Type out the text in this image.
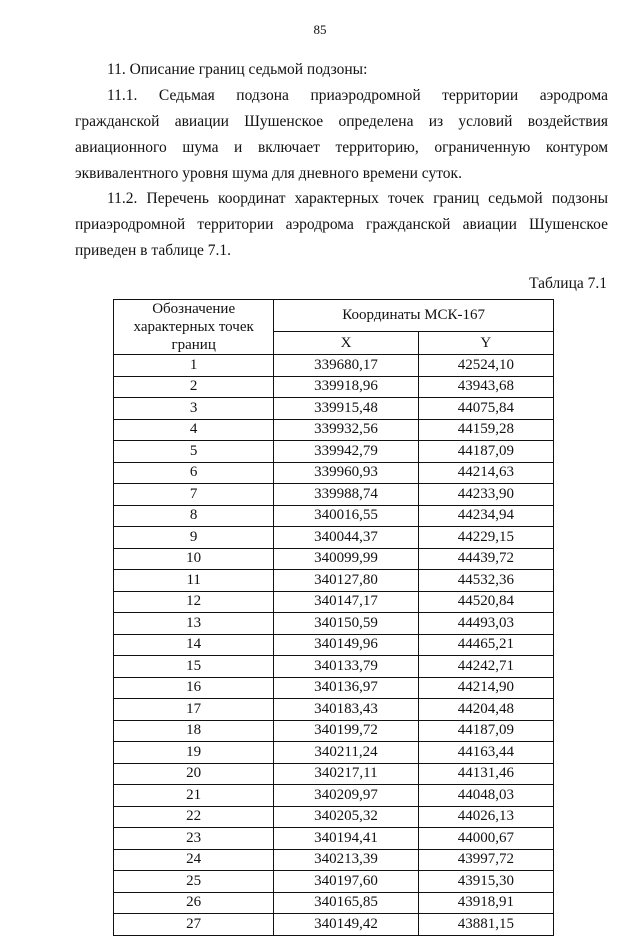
85
11. Описание границ седьмой подзоны:
11.1. Седьмая подзона приаэродромной территории аэродрома гражданской авиации Шушенское определена из условий воздействия авиационного шума и включает территорию, ограниченную контуром эквивалентного уровня шума для дневного времени суток.
11.2. Перечень координат характерных точек границ седьмой подзоны приаэродромной территории аэродрома гражданской авиации Шушенское приведен в таблице 7.1.
Таблица 7.1
Обозначение характерных точек границ	Координаты МСК-167	
	X	Y
1	339680,17	42524,10
2	339918,96	43943,68
3	339915,48	44075,84
4	339932,56	44159,28
5	339942,79	44187,09
6	339960,93	44214,63
7	339988,74	44233,90
8	340016,55	44234,94
9	340044,37	44229,15
10	340099,99	44439,72
11	340127,80	44532,36
12	340147,17	44520,84
13	340150,59	44493,03
14	340149,96	44465,21
15	340133,79	44242,71
16	340136,97	44214,90
17	340183,43	44204,48
18	340199,72	44187,09
19	340211,24	44163,44
20	340217,11	44131,46
21	340209,97	44048,03
22	340205,32	44026,13
23	340194,41	44000,67
24	340213,39	43997,72
25	340197,60	43915,30
26	340165,85	43918,91
27	340149,42	43881,15
